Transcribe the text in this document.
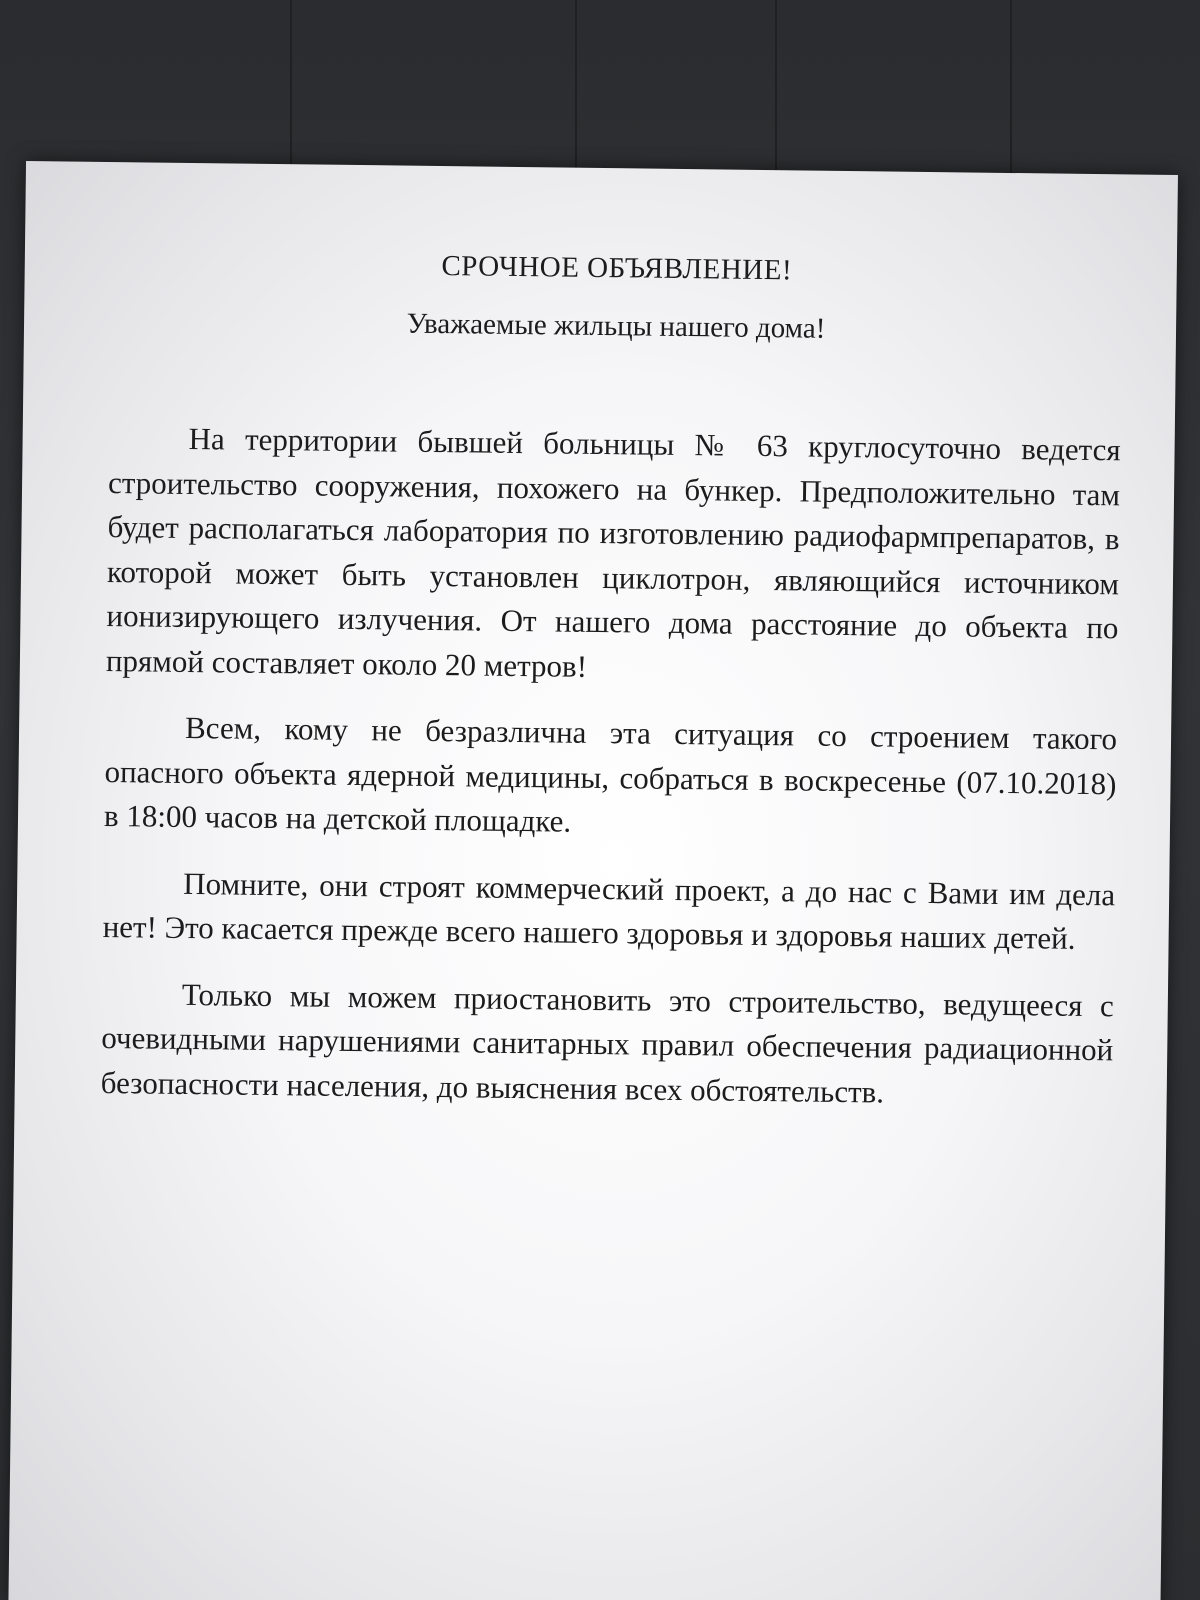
СРОЧНОЕ ОБЪЯВЛЕНИЕ!
Уважаемые жильцы нашего дома!

На территории бывшей больницы № 63 круглосуточно ведется строительство сооружения, похожего на бункер. Предположительно там будет располагаться лаборатория по изготовлению радиофармпрепаратов, в которой может быть установлен циклотрон, являющийся источником ионизирующего излучения. От нашего дома расстояние до объекта по прямой составляет около 20 метров!

Всем, кому не безразлична эта ситуация со строением такого опасного объекта ядерной медицины, собраться в воскресенье (07.10.2018) в 18:00 часов на детской площадке.

Помните, они строят коммерческий проект, а до нас с Вами им дела нет! Это касается прежде всего нашего здоровья и здоровья наших детей.

Только мы можем приостановить это строительство, ведущееся с очевидными нарушениями санитарных правил обеспечения радиационной безопасности населения, до выяснения всех обстоятельств.
